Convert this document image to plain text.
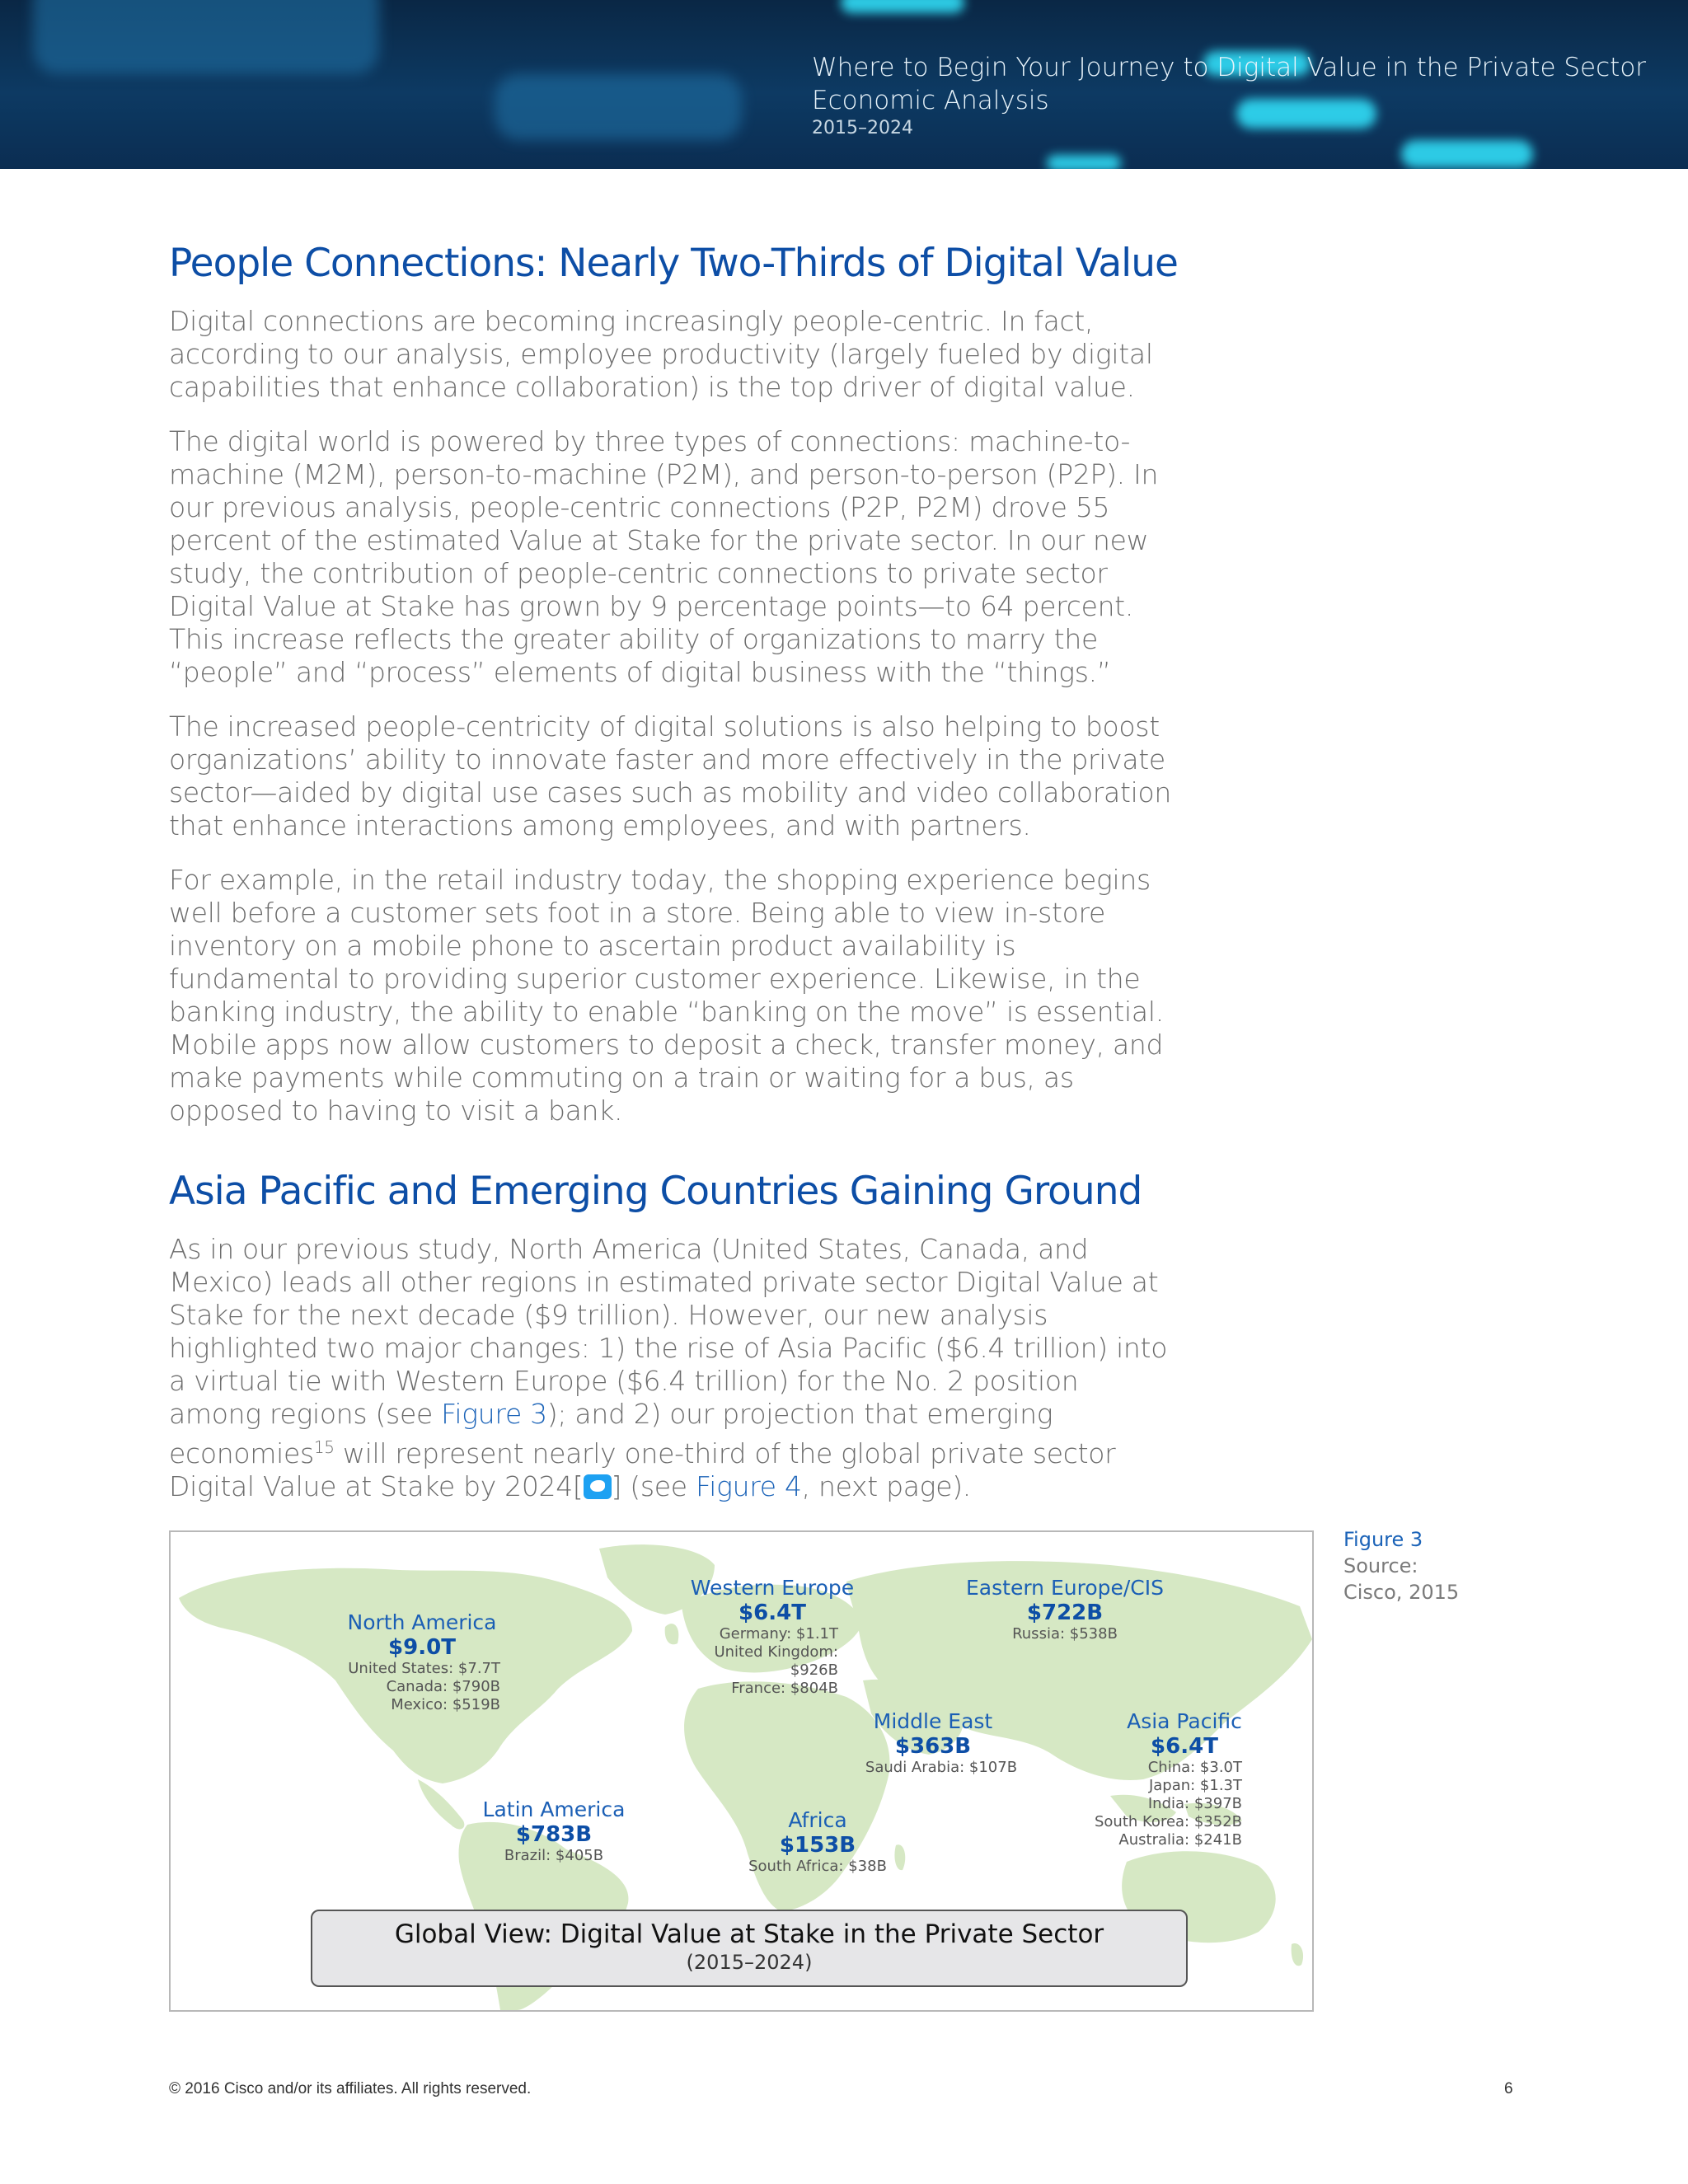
Where to Begin Your Journey to Digital Value in the Private Sector
Economic Analysis
2015–2024
People Connections: Nearly Two-Thirds of Digital Value

Digital connections are becoming increasingly people-centric. In fact, according to our analysis, employee productivity (largely fueled by digital capabilities that enhance collaboration) is the top driver of digital value.

The digital world is powered by three types of connections: machine-to-machine (M2M), person-to-machine (P2M), and person-to-person (P2P). In our previous analysis, people-centric connections (P2P, P2M) drove 55 percent of the estimated Value at Stake for the private sector. In our new study, the contribution of people-centric connections to private sector Digital Value at Stake has grown by 9 percentage points—to 64 percent. This increase reflects the greater ability of organizations to marry the “people” and “process” elements of digital business with the “things.”

The increased people-centricity of digital solutions is also helping to boost organizations’ ability to innovate faster and more effectively in the private sector—aided by digital use cases such as mobility and video collaboration that enhance interactions among employees, and with partners.

For example, in the retail industry today, the shopping experience begins well before a customer sets foot in a store. Being able to view in-store inventory on a mobile phone to ascertain product availability is fundamental to providing superior customer experience. Likewise, in the banking industry, the ability to enable “banking on the move” is essential. Mobile apps now allow customers to deposit a check, transfer money, and make payments while commuting on a train or waiting for a bus, as opposed to having to visit a bank.

Asia Pacific and Emerging Countries Gaining Ground

As in our previous study, North America (United States, Canada, and Mexico) leads all other regions in estimated private sector Digital Value at Stake for the next decade ($9 trillion). However, our new analysis highlighted two major changes: 1) the rise of Asia Pacific ($6.4 trillion) into a virtual tie with Western Europe ($6.4 trillion) for the No. 2 position among regions (see Figure 3); and 2) our projection that emerging economies$^{15}$ will represent nearly one-third of the global private sector Digital Value at Stake by 2024[ ] (see Figure 4, next page).

North America
$9.0T
United States: $7.7T
Canada: $790B
Mexico: $519B
Western Europe
$6.4T
Germany: $1.1T
United Kingdom: $926B
France: $804B
Eastern Europe/CIS
$722B
Russia: $538B
Middle East
$363B
Saudi Arabia: $107B
Asia Pacific
$6.4T
China: $3.0T
Japan: $1.3T
India: $397B
South Korea: $352B
Australia: $241B
Latin America
$783B
Brazil: $405B
Africa
$153B
South Africa: $38B
Global View: Digital Value at Stake in the Private Sector
(2015–2024)
Figure 3
Source:
Cisco, 2015
© 2016 Cisco and/or its affiliates. All rights reserved.	6
